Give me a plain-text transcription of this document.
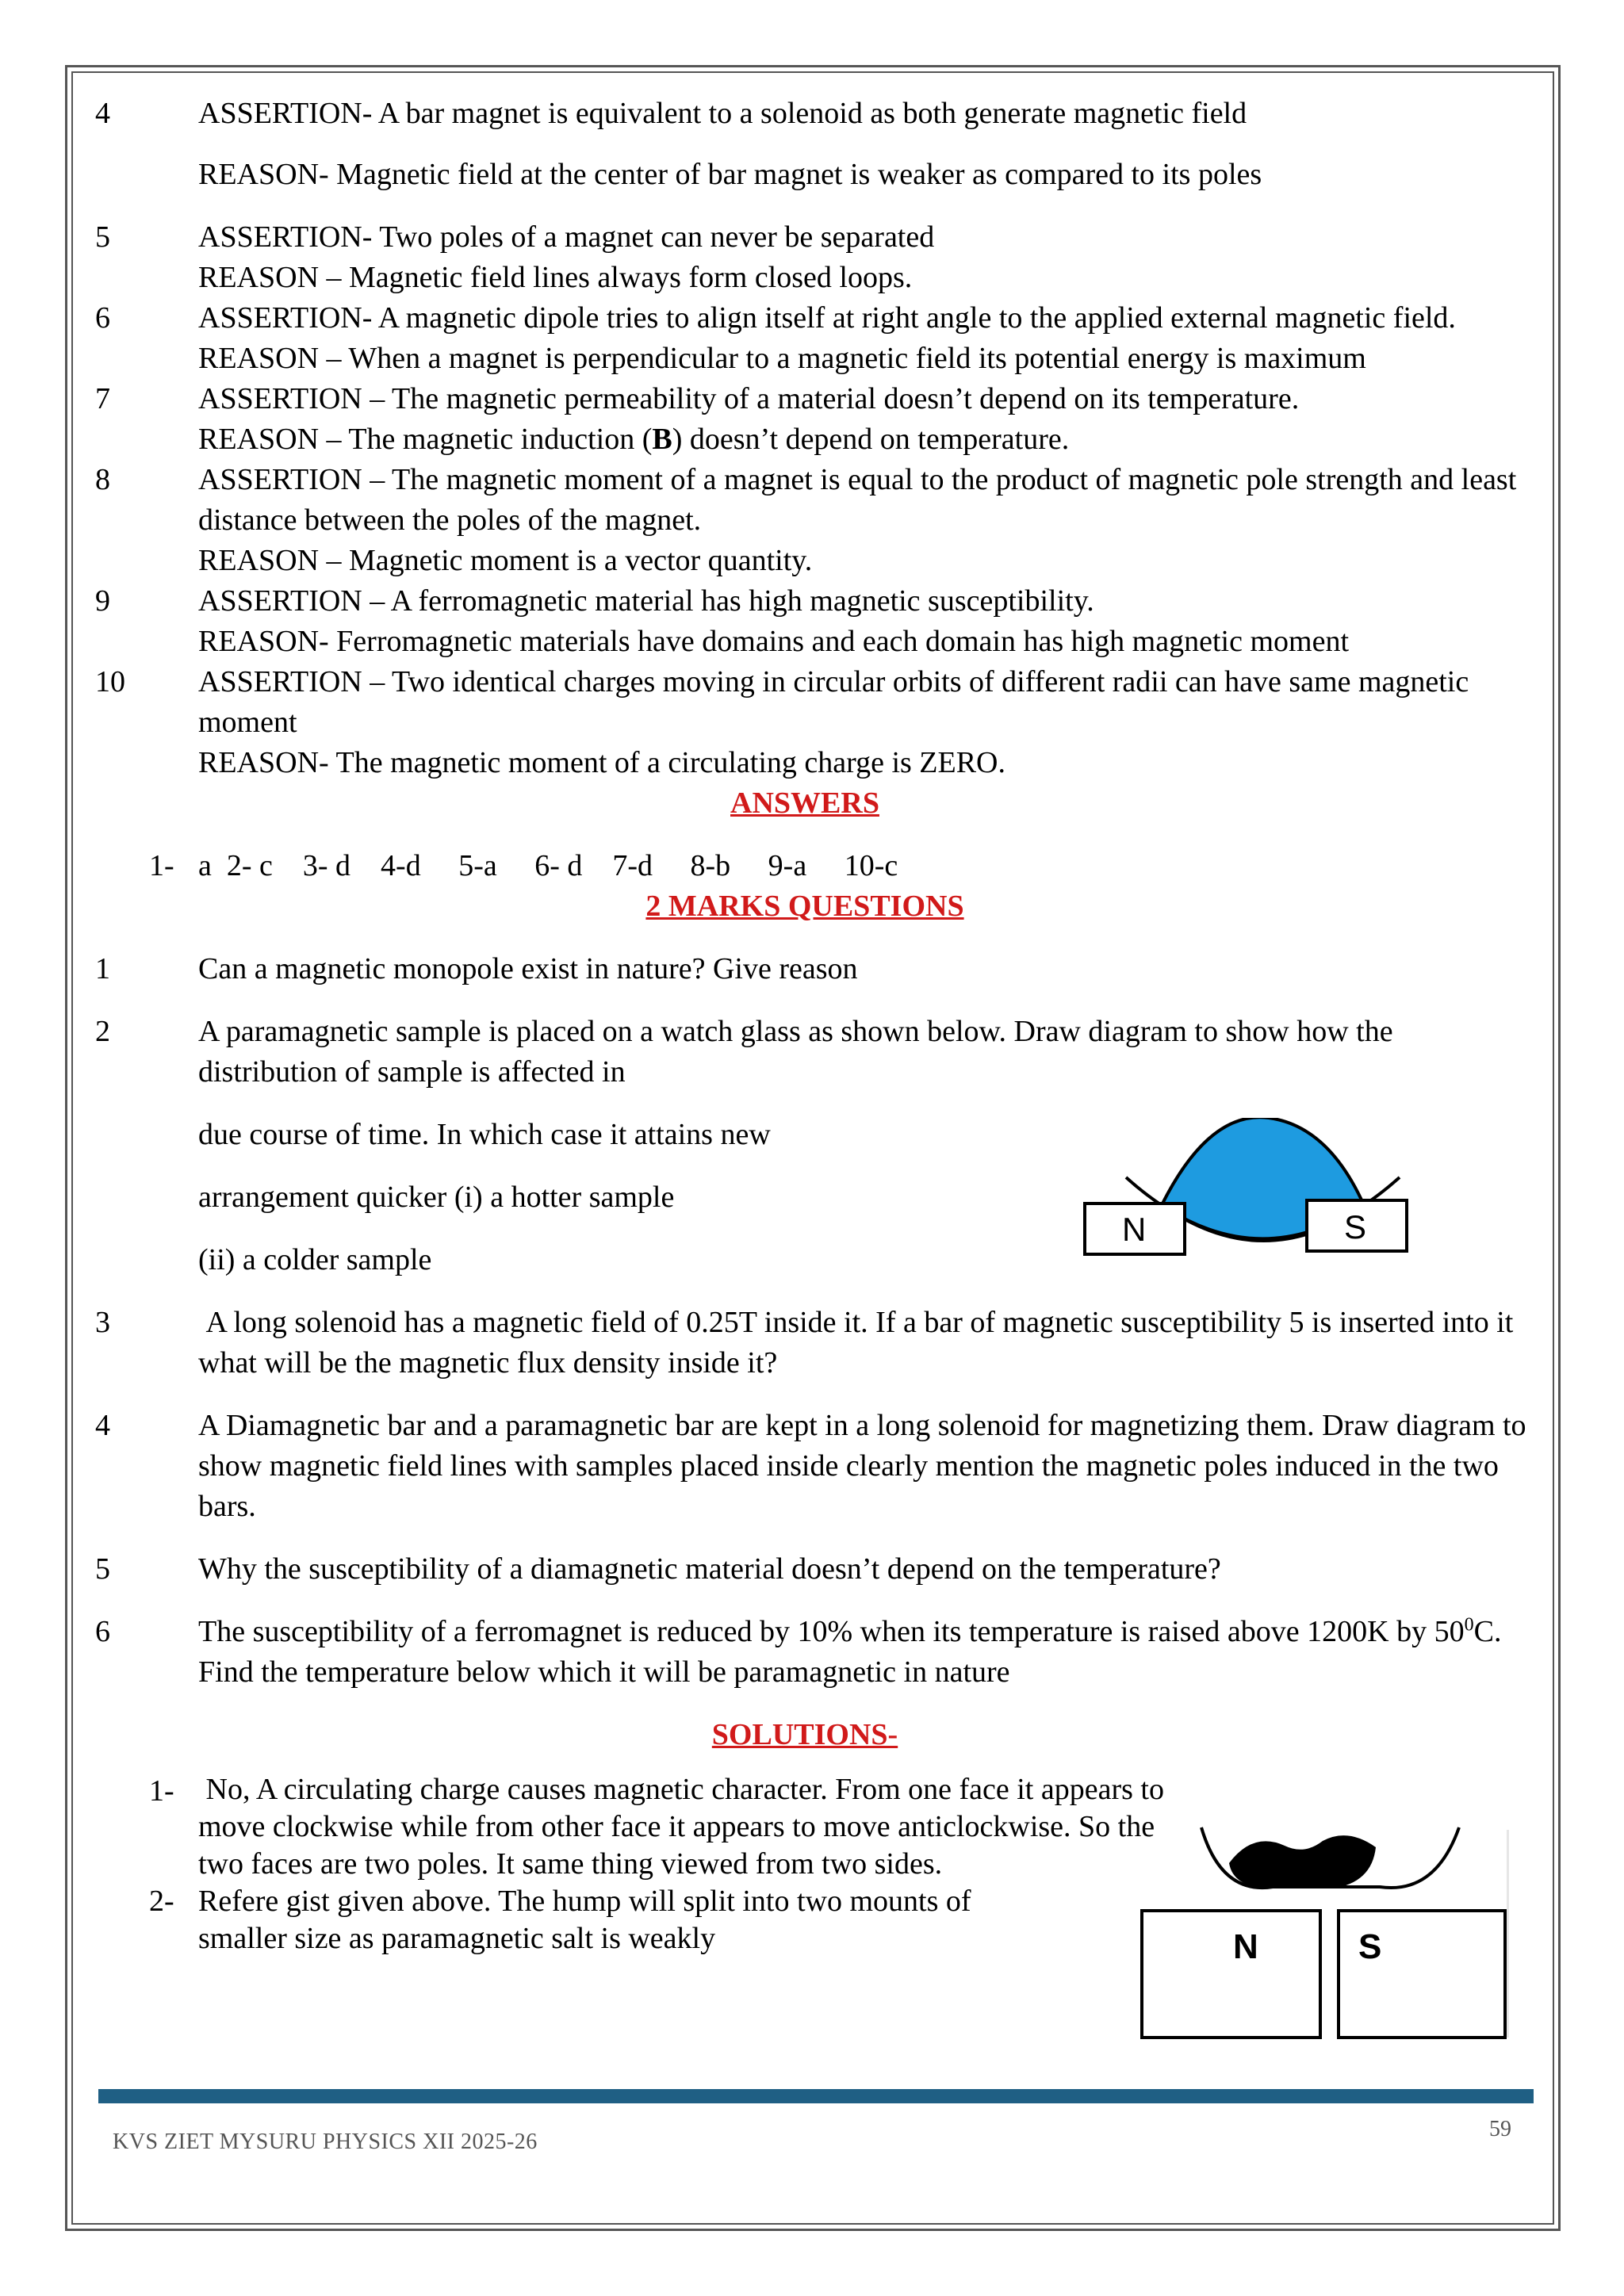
4	ASSERTION- A bar magnet is equivalent to a solenoid as both generate magnetic field
REASON- Magnetic field at the center of bar magnet is weaker as compared to its poles
5	ASSERTION- Two poles of a magnet can never be separated
REASON – Magnetic field lines always form closed loops.
6	ASSERTION- A magnetic dipole tries to align itself at right angle to the applied external magnetic field.
REASON – When a magnet is perpendicular to a magnetic field its potential energy is maximum
7	ASSERTION – The magnetic permeability of a material doesn’t depend on its temperature.
REASON – The magnetic induction (B) doesn’t depend on temperature.
8	ASSERTION – The magnetic moment of a magnet is equal to the product of magnetic pole strength and least distance between the poles of the magnet.
REASON – Magnetic moment is a vector quantity.
9	ASSERTION – A ferromagnetic material has high magnetic susceptibility.
REASON- Ferromagnetic materials have domains and each domain has high magnetic moment
10 ASSERTION – Two identical charges moving in circular orbits of different radii can have same magnetic moment
REASON- The magnetic moment of a circulating charge is ZERO.
ANSWERS
1- a  2- c    3- d    4-d     5-a     6- d    7-d     8-b     9-a     10-c
2 MARKS QUESTIONS
1	Can a magnetic monopole exist in nature? Give reason
2	A paramagnetic sample is placed on a watch glass as shown below. Draw diagram to show how the distribution of sample is affected in
due course of time. In which case it attains new
arrangement quicker (i) a hotter sample
(ii) a colder sample
3	A long solenoid has a magnetic field of 0.25T inside it. If a bar of magnetic susceptibility 5 is inserted into it what will be the magnetic flux density inside it?
4	A Diamagnetic bar and a paramagnetic bar are kept in a long solenoid for magnetizing them. Draw diagram to show magnetic field lines with samples placed inside clearly mention the magnetic poles induced in the two bars.
5	Why the susceptibility of a diamagnetic material doesn’t depend on the temperature?
6	The susceptibility of a ferromagnet is reduced by 10% when its temperature is raised above 1200K by $50^0C$. Find the temperature below which it will be paramagnetic in nature
SOLUTIONS-
1- No, A circulating charge causes magnetic character. From one face it appears to move clockwise while from other face it appears to move anticlockwise. So the two faces are two poles. It same thing viewed from two sides.
2- Refere gist given above. The hump will split into two mounts of smaller size as paramagnetic salt is weakly
N	S
N	S
KVS ZIET MYSURU PHYSICS XII 2025-26
59
